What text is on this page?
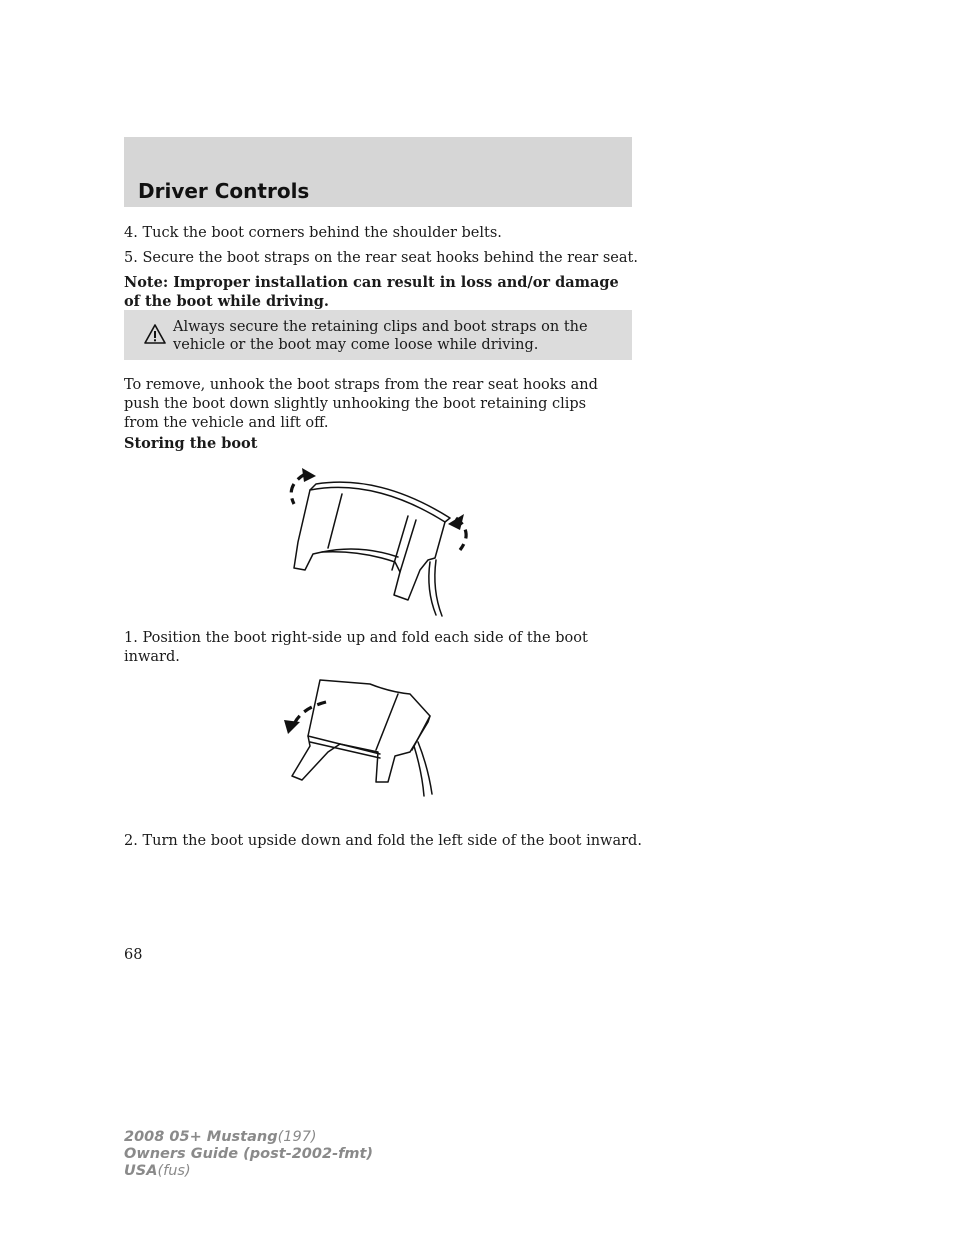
Driver Controls

4. Tuck the boot corners behind the shoulder belts.

5. Secure the boot straps on the rear seat hooks behind the rear seat.

Note: Improper installation can result in loss and/or damage of the boot while driving.

Always secure the retaining clips and boot straps on the vehicle or the boot may come loose while driving.

To remove, unhook the boot straps from the rear seat hooks and push the boot down slightly unhooking the boot retaining clips from the vehicle and lift off.

Storing the boot

1. Position the boot right-side up and fold each side of the boot inward.

2. Turn the boot upside down and fold the left side of the boot inward.

68
2008 05+ Mustang(197)
Owners Guide (post-2002-fmt)
USA(fus)
